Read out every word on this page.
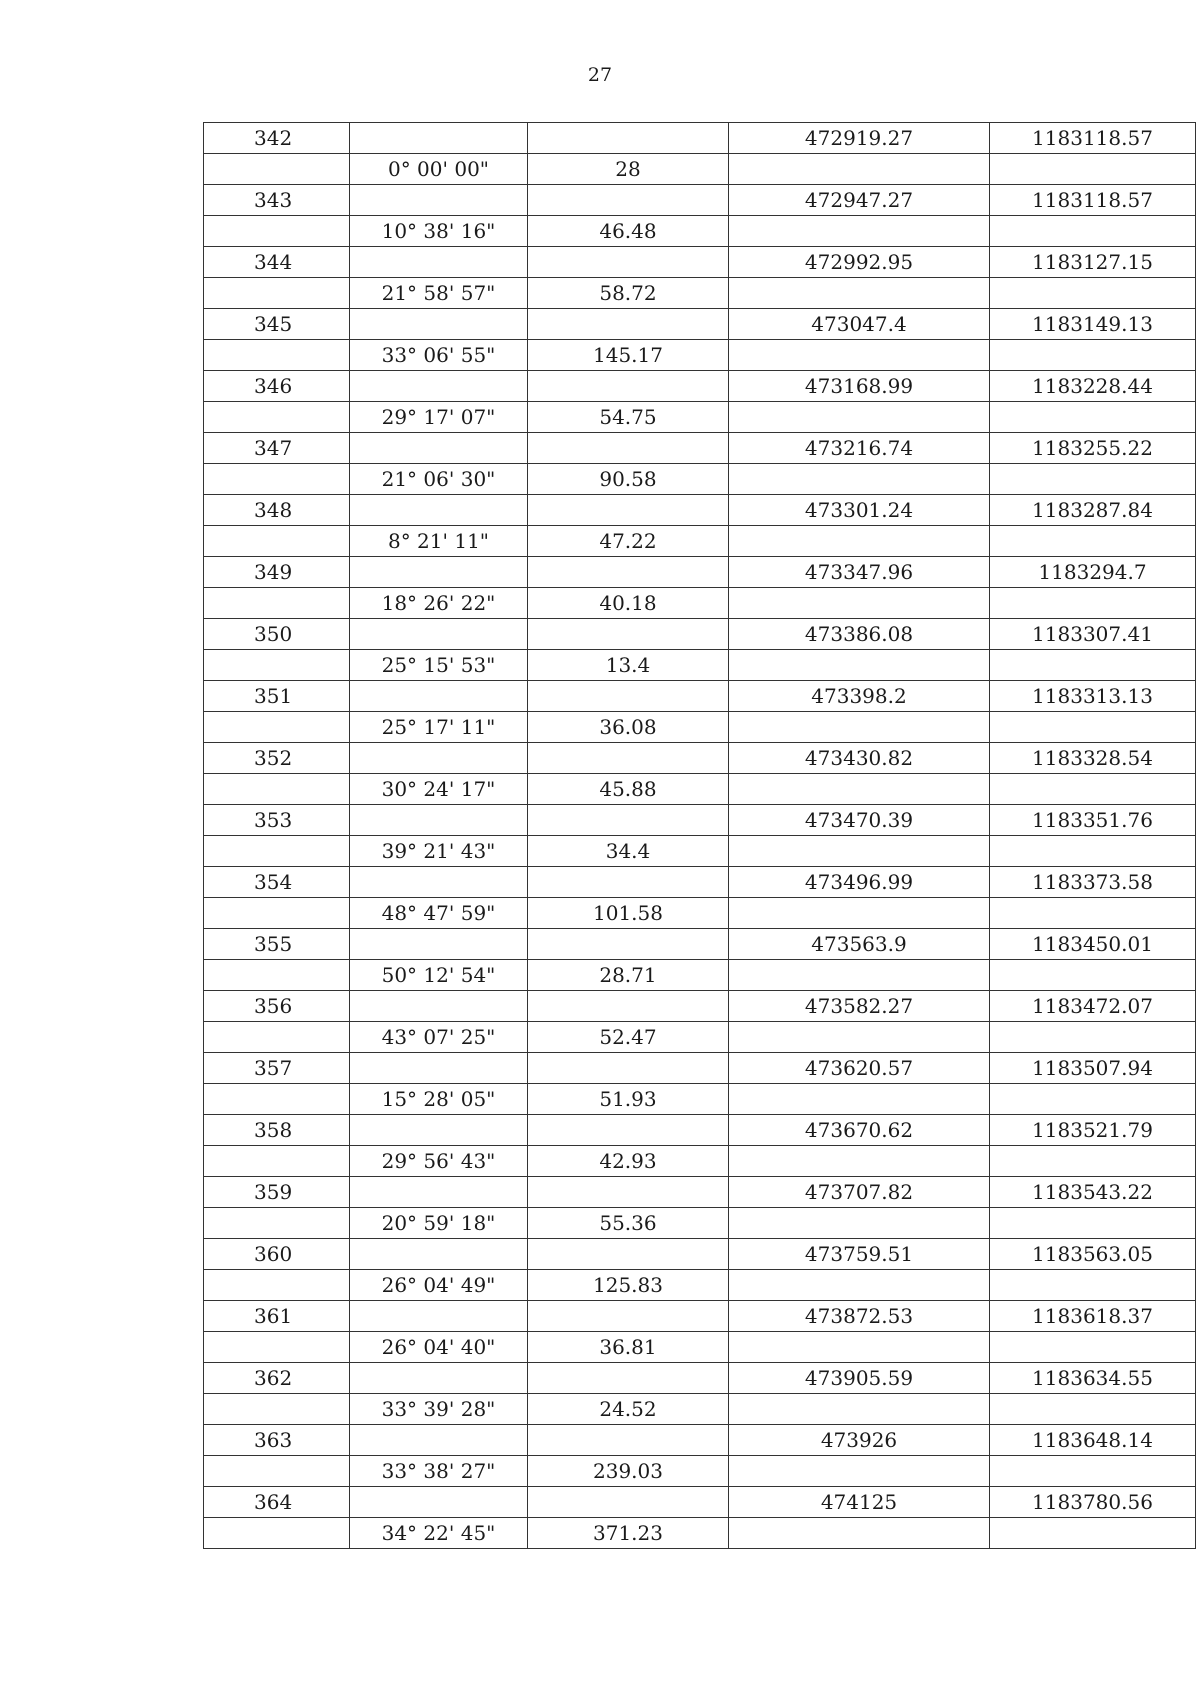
27
342			472919.27	1183118.57
	0° 00' 00"	28		
343			472947.27	1183118.57
	10° 38' 16"	46.48		
344			472992.95	1183127.15
	21° 58' 57"	58.72		
345			473047.4	1183149.13
	33° 06' 55"	145.17		
346			473168.99	1183228.44
	29° 17' 07"	54.75		
347			473216.74	1183255.22
	21° 06' 30"	90.58		
348			473301.24	1183287.84
	8° 21' 11"	47.22		
349			473347.96	1183294.7
	18° 26' 22"	40.18		
350			473386.08	1183307.41
	25° 15' 53"	13.4		
351			473398.2	1183313.13
	25° 17' 11"	36.08		
352			473430.82	1183328.54
	30° 24' 17"	45.88		
353			473470.39	1183351.76
	39° 21' 43"	34.4		
354			473496.99	1183373.58
	48° 47' 59"	101.58		
355			473563.9	1183450.01
	50° 12' 54"	28.71		
356			473582.27	1183472.07
	43° 07' 25"	52.47		
357			473620.57	1183507.94
	15° 28' 05"	51.93		
358			473670.62	1183521.79
	29° 56' 43"	42.93		
359			473707.82	1183543.22
	20° 59' 18"	55.36		
360			473759.51	1183563.05
	26° 04' 49"	125.83		
361			473872.53	1183618.37
	26° 04' 40"	36.81		
362			473905.59	1183634.55
	33° 39' 28"	24.52		
363			473926	1183648.14
	33° 38' 27"	239.03		
364			474125	1183780.56
	34° 22' 45"	371.23		
